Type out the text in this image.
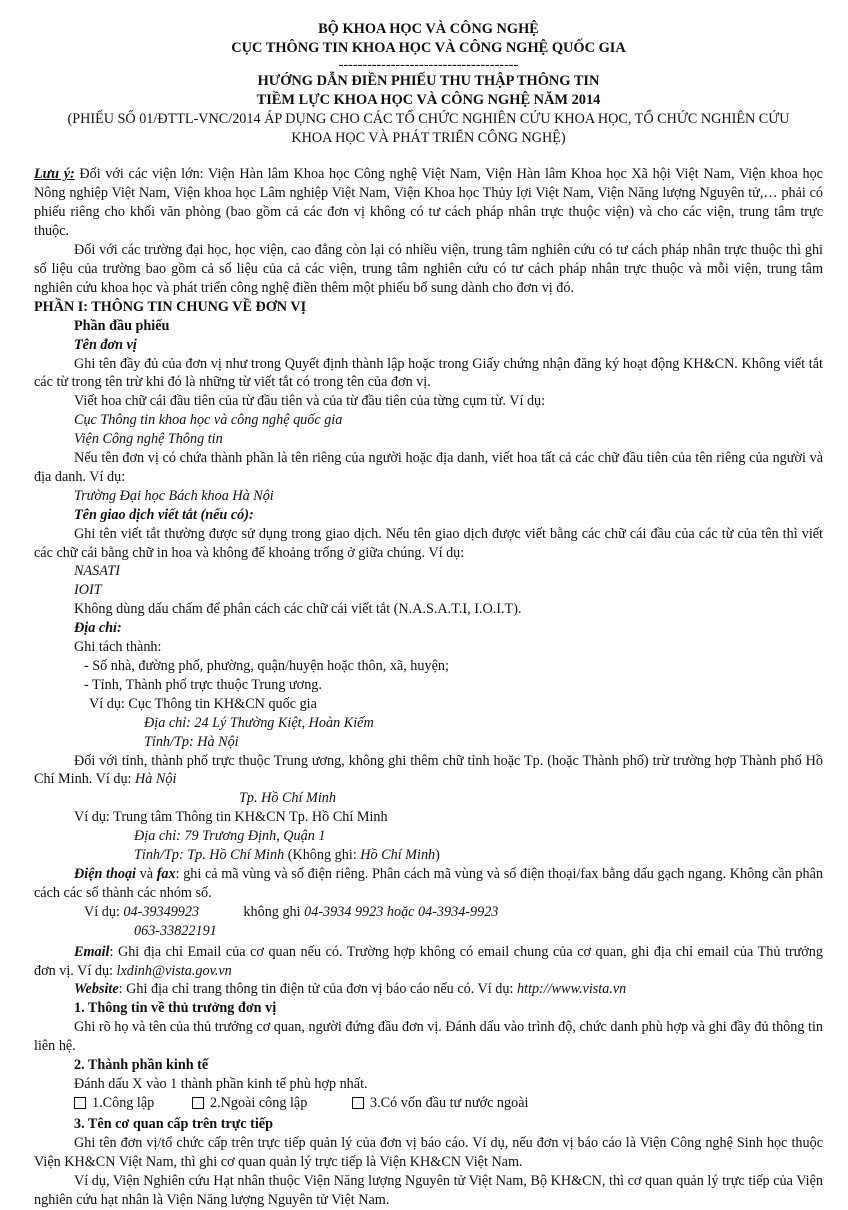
BỘ KHOA HỌC VÀ CÔNG NGHỆ
CỤC THÔNG TIN KHOA HỌC VÀ CÔNG NGHỆ QUỐC GIA
--------------------------------------
HƯỚNG DẪN ĐIỀN PHIẾU THU THẬP THÔNG TIN
TIỀM LỰC KHOA HỌC VÀ CÔNG NGHỆ NĂM 2014
(PHIẾU SỐ 01/ĐTTL-VNC/2014 ÁP DỤNG CHO CÁC TỔ CHỨC NGHIÊN CỨU KHOA HỌC, TỔ CHỨC NGHIÊN CỨU KHOA HỌC VÀ PHÁT TRIỂN CÔNG NGHỆ)
Lưu ý: Đối với các viện lớn: Viện Hàn lâm Khoa học Công nghệ Việt Nam, Viện Hàn lâm Khoa học Xã hội Việt Nam, Viện khoa học Nông nghiệp Việt Nam, Viện khoa học Lâm nghiệp Việt Nam, Viện Khoa học Thủy lợi Việt Nam, Viện Năng lượng Nguyên tử,… phải có phiếu riêng cho khối văn phòng (bao gồm cả các đơn vị không có tư cách pháp nhân trực thuộc viện) và cho các viện, trung tâm trực thuộc.
Đối với các trường đại học, học viện, cao đẳng còn lại có nhiều viện, trung tâm nghiên cứu có tư cách pháp nhân trực thuộc thì ghi số liệu của trường bao gồm cả số liệu của cả các viện, trung tâm nghiên cứu có tư cách pháp nhân trực thuộc và mỗi viện, trung tâm nghiên cứu khoa học và phát triển công nghệ điền thêm một phiếu bổ sung dành cho đơn vị đó.
PHẦN I: THÔNG TIN CHUNG VỀ ĐƠN VỊ
Phần đầu phiếu
Tên đơn vị
Ghi tên đầy đủ của đơn vị như trong Quyết định thành lập hoặc trong Giấy chứng nhận đăng ký hoạt động KH&CN. Không viết tắt các từ trong tên trừ khi đó là những từ viết tắt có trong tên của đơn vị.
Viết hoa chữ cái đầu tiên của từ đầu tiên và của từ đầu tiên của từng cụm từ. Ví dụ:
Cục Thông tin khoa học và công nghệ quốc gia
Viện Công nghệ Thông tin
Nếu tên đơn vị có chứa thành phần là tên riêng của người hoặc địa danh, viết hoa tất cả các chữ đầu tiên của tên riêng của người và địa danh. Ví dụ:
Trường Đại học Bách khoa Hà Nội
Tên giao dịch viết tắt (nếu có):
Ghi tên viết tắt thường được sử dụng trong giao dịch. Nếu tên giao dịch được viết bằng các chữ cái đầu của các từ của tên thì viết các chữ cái bằng chữ in hoa và không để khoảng trống ở giữa chúng. Ví dụ:
NASATI
IOIT
Không dùng dấu chấm để phân cách các chữ cái viết tắt (N.A.S.A.T.I, I.O.I.T).
Địa chỉ:
Ghi tách thành:
- Số nhà, đường phố, phường, quận/huyện hoặc thôn, xã, huyện;
- Tỉnh, Thành phố trực thuộc Trung ương.
Ví dụ: Cục Thông tin KH&CN quốc gia
Địa chỉ: 24 Lý Thường Kiệt, Hoàn Kiếm
Tỉnh/Tp: Hà Nội
Đối với tỉnh, thành phố trực thuộc Trung ương, không ghi thêm chữ tỉnh hoặc Tp. (hoặc Thành phố) trừ trường hợp Thành phố Hồ Chí Minh. Ví dụ: Hà Nội
Tp. Hồ Chí Minh
Ví dụ: Trung tâm Thông tin KH&CN Tp. Hồ Chí Minh
Địa chỉ: 79 Trương Định, Quận 1
Tỉnh/Tp: Tp. Hồ Chí Minh (Không ghi: Hồ Chí Minh)
Điện thoại và fax: ghi cả mã vùng và số điện riêng. Phân cách mã vùng và số điện thoại/fax bằng dấu gạch ngang. Không cần phân cách các số thành các nhóm số.
Ví dụ: 04-39349923	không ghi 04-3934 9923 hoặc 04-3934-9923
063-33822191
Email: Ghi địa chỉ Email của cơ quan nếu có. Trường hợp không có email chung của cơ quan, ghi địa chỉ email của Thủ trưởng đơn vị. Ví dụ: lxdinh@vista.gov.vn
Website: Ghi địa chỉ trang thông tin điện tử của đơn vị báo cáo nếu có. Ví dụ: http://www.vista.vn
1. Thông tin về thủ trưởng đơn vị
Ghi rõ họ và tên của thủ trưởng cơ quan, người đứng đầu đơn vị. Đánh dấu vào trình độ, chức danh phù hợp và ghi đầy đủ thông tin liên hệ.
2. Thành phần kinh tế
Đánh dấu X vào 1 thành phần kinh tế phù hợp nhất.
1.Công lập	2.Ngoài công lập	3.Có vốn đầu tư nước ngoài
3. Tên cơ quan cấp trên trực tiếp
Ghi tên đơn vị/tổ chức cấp trên trực tiếp quản lý của đơn vị báo cáo. Ví dụ, nếu đơn vị báo cáo là Viện Công nghệ Sinh học thuộc Viện KH&CN Việt Nam, thì ghi cơ quan quản lý trực tiếp là Viện KH&CN Việt Nam.
Ví dụ, Viện Nghiên cứu Hạt nhân thuộc Viện Năng lượng Nguyên tử Việt Nam, Bộ KH&CN, thì cơ quan quản lý trực tiếp của Viện nghiên cứu hạt nhân là Viện Năng lượng Nguyên tử Việt Nam.
